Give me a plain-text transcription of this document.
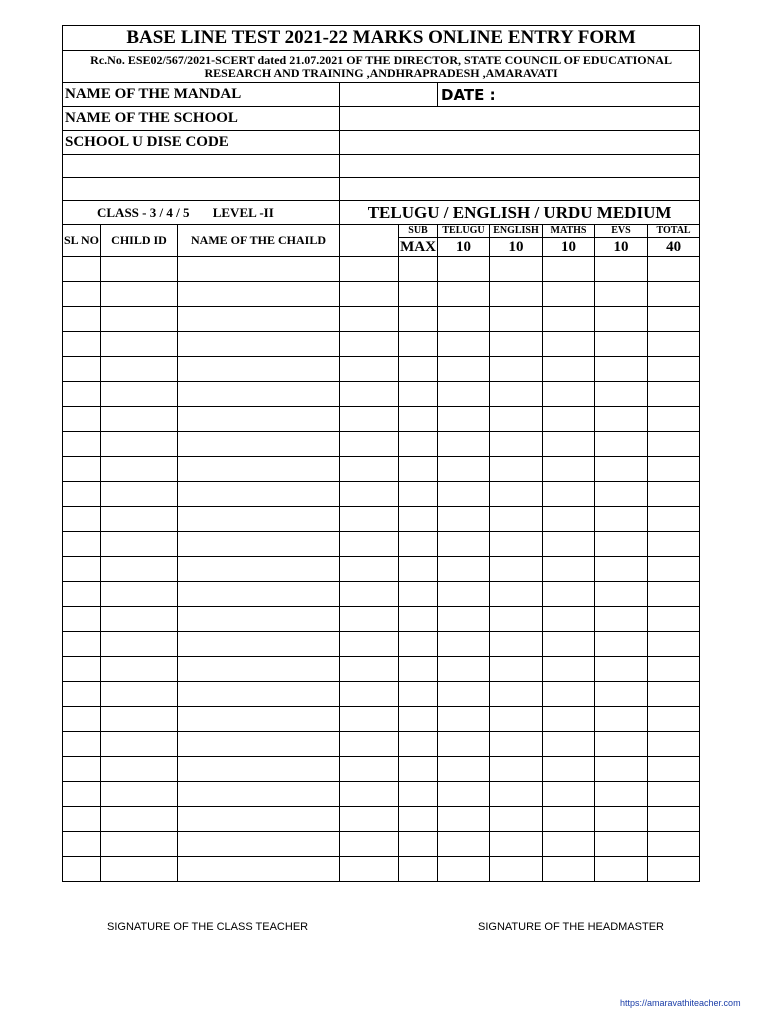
BASE LINE TEST 2021-22 MARKS ONLINE ENTRY FORM									
Rc.No. ESE02/567/2021-SCERT dated 21.07.2021 OF THE DIRECTOR, STATE COUNCIL OF EDUCATIONAL
RESEARCH AND TRAINING ,ANDHRAPRADESH ,AMARAVATI									
NAME OF THE MANDAL					DATE :				
NAME OF THE SCHOOL									
SCHOOL U DISE CODE									

CLASS - 3 / 4 / 5 LEVEL -II			TELUGU / ENGLISH / URDU MEDIUM						
SL NO	CHILD ID	NAME OF THE CHAILD		SUB	TELUGU	ENGLISH	MATHS	EVS	TOTAL
				MAX	10	10	10	10	40

SIGNATURE OF THE CLASS TEACHER	SIGNATURE OF THE HEADMASTER
https://amaravathiteacher.com
